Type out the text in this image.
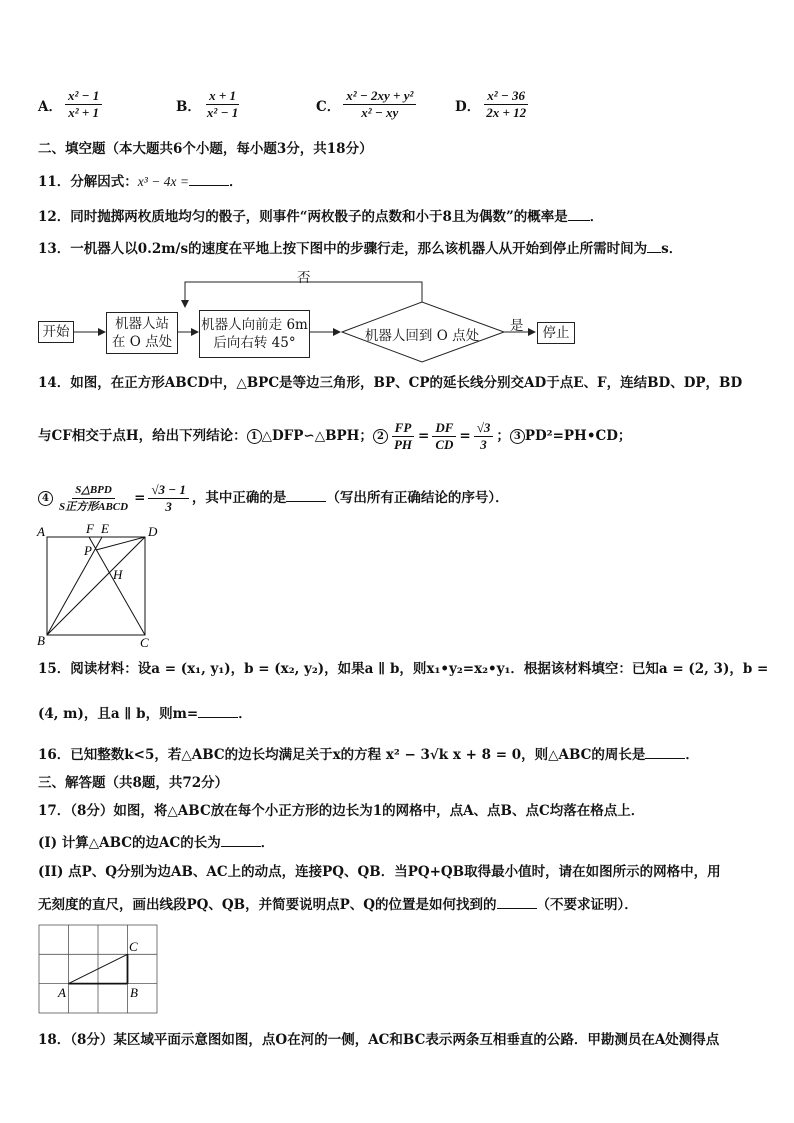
A． $\frac{\text{x² − 1}}{\text{x² + 1}}$	B． $\frac{x + 1}{\text{x² − 1}}$	C． $\frac{\text{x² − 2xy + y²}}{\text{x² − xy}}$	D． $\frac{\text{x² − 36}}{2x + 12}$
二、填空题（本大题共6个小题，每小题3分，共18分）
11．分解因式：x³ − 4x =	．
12．同时抛掷两枚质地均匀的骰子，则事件“两枚骰子的点数和小于8且为偶数”的概率是 ．
13．一机器人以0.2m/s的速度在平地上按下图中的步骤行走，那么该机器人从开始到停止所需时间为 s．
开始	机器人站
在 O 点处
机器人向前走 6m
后向右转 45°	机器人回到 O 点处
否
是 停止
14．如图，在正方形ABCD中，△BPC是等边三角形，BP、CP的延长线分别交AD于点E、F，连结BD、DP，BD
与CF相交于点H，给出下列结论： 1 △DFP∽△BPH； $2 \frac{FP}{PH} = \frac{DF}{CD} = \frac{√3}{3}$ ； 3 PD²=PH•CD；
$4 \frac{\text{S△BPD}}{\text{S正方形ABCD}} = \frac{√3 - 1}{3}$ ，其中正确的是	（写出所有正确结论的序号）．
A	F E	D
P
H
B	C
15．阅读材料：设a = (x₁, y₁)，b = (x₂, y₂)，如果a ∥ b，则x₁•y₂=x₂•y₁．根据该材料填空：已知a = (2, 3)，b =
(4, m)，且a ∥ b，则m=	．
16．已知整数k<5，若△ABC的边长均满足关于x的方程 x² − 3√k x + 8 = 0，则△ABC的周长是	．
三、解答题（共8题，共72分）
17．（8分）如图，将△ABC放在每个小正方形的边长为1的网格中，点A、点B、点C均落在格点上．
(I) 计算△ABC的边AC的长为	．
(II) 点P、Q分别为边AB、AC上的动点，连接PQ、QB．当PQ+QB取得最小值时，请在如图所示的网格中，用
无刻度的直尺，画出线段PQ、QB，并简要说明点P、Q的位置是如何找到的	（不要求证明）．
A	B
C
18．（8分）某区域平面示意图如图，点O在河的一侧，AC和BC表示两条互相垂直的公路．甲勘测员在A处测得点
